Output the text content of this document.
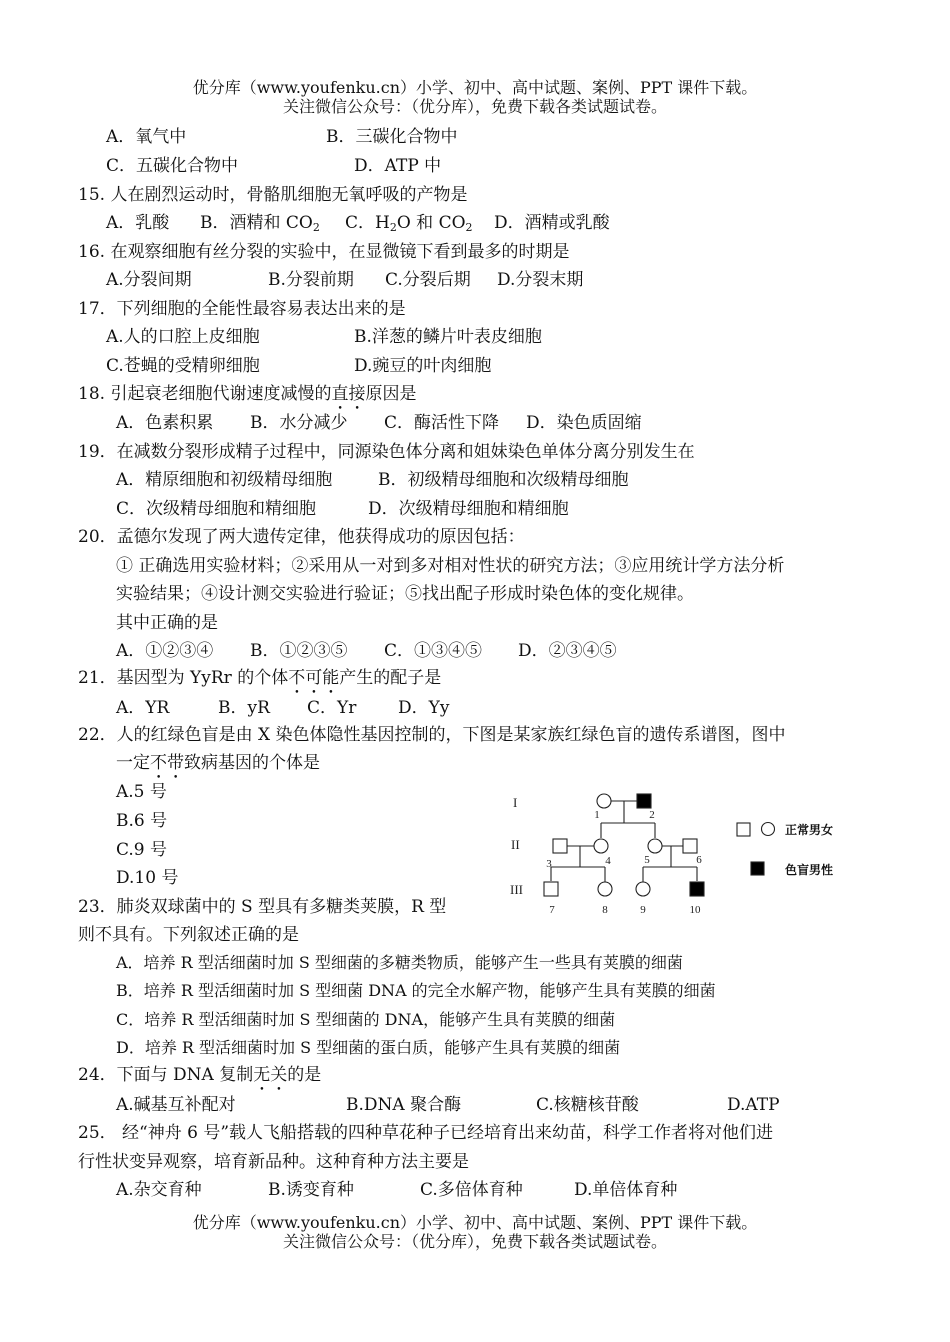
优分库（www.youfenku.cn）小学、初中、高中试题、案例、PPT 课件下载。
关注微信公众号：（优分库），免费下载各类试题试卷。
A．氧气中	B．三碳化合物中
C．五碳化合物中	D．ATP 中
15. 人在剧烈运动时，骨骼肌细胞无氧呼吸的产物是
A．乳酸 B．酒精和 $CO_2$ C．$H_2O$ 和 $CO_2$ D．酒精或乳酸
16. 在观察细胞有丝分裂的实验中，在显微镜下看到最多的时期是
A.分裂间期	B.分裂前期 C.分裂后期 D.分裂末期
17．下列细胞的全能性最容易表达出来的是
A.人的口腔上皮细胞	B.洋葱的鳞片叶表皮细胞
C.苍蝇的受精卵细胞	D.豌豆的叶肉细胞
18. 引起衰老细胞代谢速度减慢的直接原因是
A．色素积累 B．水分减少 C．酶活性下降 D．染色质固缩
19．在减数分裂形成精子过程中，同源染色体分离和姐妹染色单体分离分别发生在
A．精原细胞和初级精母细胞	B．初级精母细胞和次级精母细胞
C．次级精母细胞和精细胞	D．次级精母细胞和精细胞
20．孟德尔发现了两大遗传定律，他获得成功的原因包括：
① 正确选用实验材料；②采用从一对到多对相对性状的研究方法；③应用统计学方法分析
实验结果；④设计测交实验进行验证；⑤找出配子形成时染色体的变化规律。
其中正确的是
A．①②③④ B．①②③⑤ C．①③④⑤ D．②③④⑤
21．基因型为 YyRr 的个体不可能产生的配子是
A．YR	B．yR C．Yr D．Yy
22．人的红绿色盲是由 X 染色体隐性基因控制的，下图是某家族红绿色盲的遗传系谱图，图中
一定不带致病基因的个体是
A.5 号
B.6 号
C.9 号
D.10 号
I
II
III
1	2
3	4	5	6
7	8	9	10
正常男女
色盲男性
23．肺炎双球菌中的 S 型具有多糖类荚膜，R 型
则不具有。下列叙述正确的是
A．培养 R 型活细菌时加 S 型细菌的多糖类物质，能够产生一些具有荚膜的细菌
B．培养 R 型活细菌时加 S 型细菌 DNA 的完全水解产物，能够产生具有荚膜的细菌
C．培养 R 型活细菌时加 S 型细菌的 DNA，能够产生具有荚膜的细菌
D．培养 R 型活细菌时加 S 型细菌的蛋白质，能够产生具有荚膜的细菌
24．下面与 DNA 复制无关的是
A.碱基互补配对	B.DNA 聚合酶	C.核糖核苷酸	D.ATP
25． 经“神舟 6 号”载人飞船搭载的四种草花种子已经培育出来幼苗，科学工作者将对他们进
行性状变异观察，培育新品种。这种育种方法主要是
A.杂交育种	B.诱变育种	C.多倍体育种	D.单倍体育种
优分库（www.youfenku.cn）小学、初中、高中试题、案例、PPT 课件下载。
关注微信公众号：（优分库），免费下载各类试题试卷。
